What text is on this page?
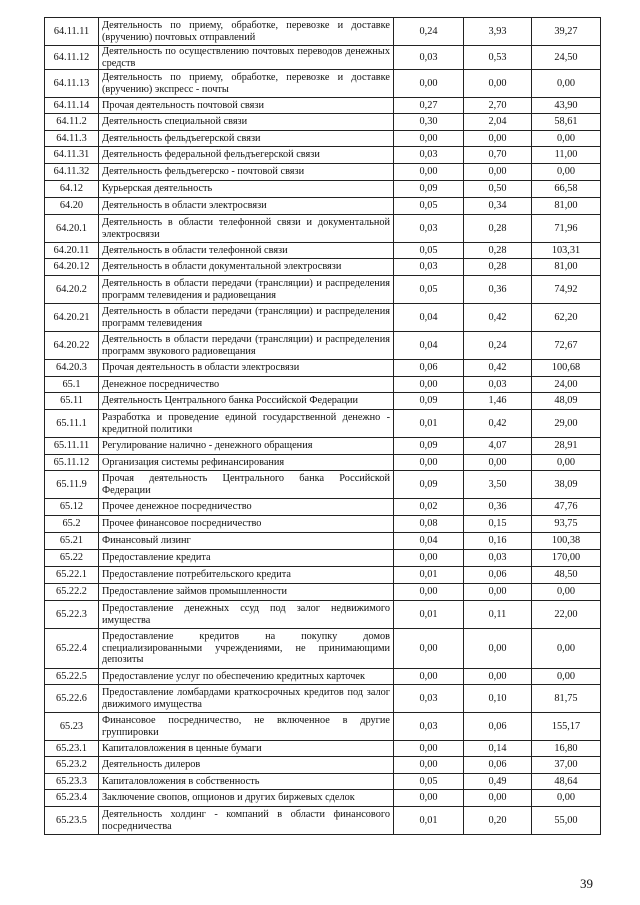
64.11.11	Деятельность по приему, обработке, перевозке и доставке (вручению) почтовых отправлений	0,24	3,93	39,27
64.11.12	Деятельность по осуществлению почтовых переводов денежных средств	0,03	0,53	24,50
64.11.13	Деятельность по приему, обработке, перевозке и доставке (вручению) экспресс - почты	0,00	0,00	0,00
64.11.14	Прочая деятельность почтовой связи	0,27	2,70	43,90
64.11.2	Деятельность специальной связи	0,30	2,04	58,61
64.11.3	Деятельность фельдъегерской связи	0,00	0,00	0,00
64.11.31	Деятельность федеральной фельдъегерской связи	0,03	0,70	11,00
64.11.32	Деятельность фельдъегерско - почтовой связи	0,00	0,00	0,00
64.12	Курьерская деятельность	0,09	0,50	66,58
64.20	Деятельность в области электросвязи	0,05	0,34	81,00
64.20.1	Деятельность в области телефонной связи и документальной электросвязи	0,03	0,28	71,96
64.20.11	Деятельность в области телефонной связи	0,05	0,28	103,31
64.20.12	Деятельность в области документальной электросвязи	0,03	0,28	81,00
64.20.2	Деятельность в области передачи (трансляции) и распределения программ телевидения и радиовещания	0,05	0,36	74,92
64.20.21	Деятельность в области передачи (трансляции) и распределения программ телевидения	0,04	0,42	62,20
64.20.22	Деятельность в области передачи (трансляции) и распределения программ звукового радиовещания	0,04	0,24	72,67
64.20.3	Прочая деятельность в области электросвязи	0,06	0,42	100,68
65.1	Денежное посредничество	0,00	0,03	24,00
65.11	Деятельность Центрального банка Российской Федерации	0,09	1,46	48,09
65.11.1	Разработка и проведение единой государственной денежно - кредитной политики	0,01	0,42	29,00
65.11.11	Регулирование налично - денежного обращения	0,09	4,07	28,91
65.11.12	Организация системы рефинансирования	0,00	0,00	0,00
65.11.9	Прочая деятельность Центрального банка Российской Федерации	0,09	3,50	38,09
65.12	Прочее денежное посредничество	0,02	0,36	47,76
65.2	Прочее финансовое посредничество	0,08	0,15	93,75
65.21	Финансовый лизинг	0,04	0,16	100,38
65.22	Предоставление кредита	0,00	0,03	170,00
65.22.1	Предоставление потребительского кредита	0,01	0,06	48,50
65.22.2	Предоставление займов промышленности	0,00	0,00	0,00
65.22.3	Предоставление денежных ссуд под залог недвижимого имущества	0,01	0,11	22,00
65.22.4	Предоставление кредитов на покупку домов специализированными учреждениями, не принимающими депозиты	0,00	0,00	0,00
65.22.5	Предоставление услуг по обеспечению кредитных карточек	0,00	0,00	0,00
65.22.6	Предоставление ломбардами краткосрочных кредитов под залог движимого имущества	0,03	0,10	81,75
65.23	Финансовое посредничество, не включенное в другие группировки	0,03	0,06	155,17
65.23.1	Капиталовложения в ценные бумаги	0,00	0,14	16,80
65.23.2	Деятельность дилеров	0,00	0,06	37,00
65.23.3	Капиталовложения в собственность	0,05	0,49	48,64
65.23.4	Заключение свопов, опционов и других биржевых сделок	0,00	0,00	0,00
65.23.5	Деятельность холдинг - компаний в области финансового посредничества	0,01	0,20	55,00
39
